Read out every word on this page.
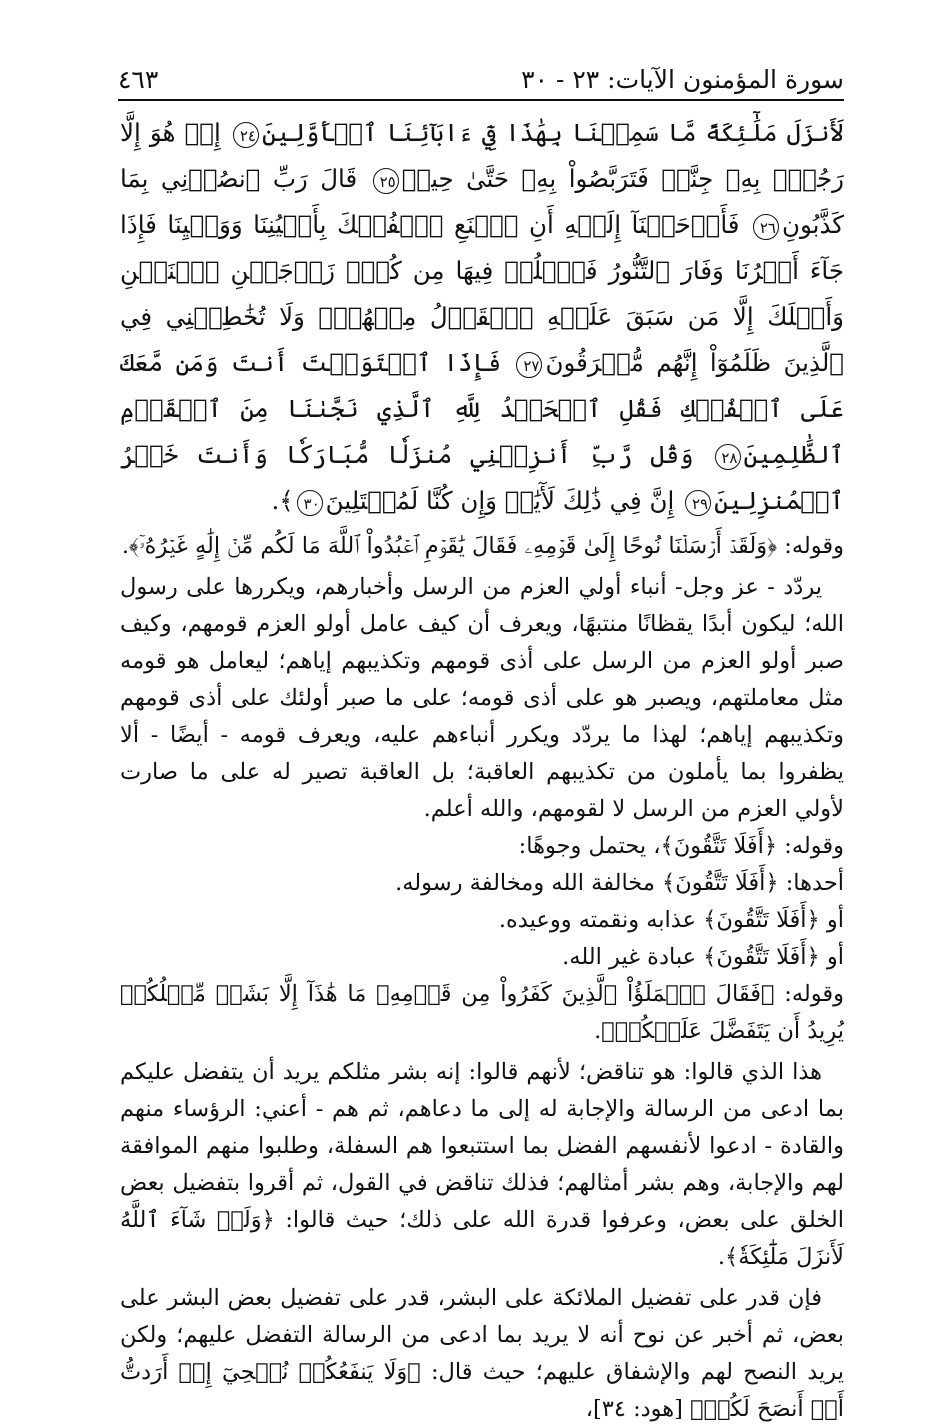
سورة المؤمنون الآيات: ٢٣ - ٣٠
٤٦٣

لَأَنزَلَ مَلَٰٓئِكَةً مَّا سَمِعۡنَا بِهَٰذَا فِيٓ ءَابَآئِنَا ٱلۡأَوَّلِينَ٢٤ إِنۡ هُوَ إِلَّا رَجُلُۢ بِهِۦ جِنَّةٞ فَتَرَبَّصُواْ بِهِۦ حَتَّىٰ حِينٖ٢٥ قَالَ رَبِّ ٱنصُرۡنِي بِمَا كَذَّبُونِ٢٦ فَأَوۡحَيۡنَآ إِلَيۡهِ أَنِ ٱصۡنَعِ ٱلۡفُلۡكَ بِأَعۡيُنِنَا وَوَحۡيِنَا فَإِذَا جَآءَ أَمۡرُنَا وَفَارَ ٱلتَّنُّورُ فَٱسۡلُكۡ فِيهَا مِن كُلّٖ زَوۡجَيۡنِ ٱثۡنَيۡنِ وَأَهۡلَكَ إِلَّا مَن سَبَقَ عَلَيۡهِ ٱلۡقَوۡلُ مِنۡهُمۡۖ وَلَا تُخَٰطِبۡنِي فِي ٱلَّذِينَ ظَلَمُوٓاْ إِنَّهُم مُّغۡرَقُونَ٢٧ فَإِذَا ٱسۡتَوَيۡتَ أَنتَ وَمَن مَّعَكَ عَلَى ٱلۡفُلۡكِ فَقُلِ ٱلۡحَمۡدُ لِلَّهِ ٱلَّذِي نَجَّىٰنَا مِنَ ٱلۡقَوۡمِ ٱلظَّٰلِمِينَ٢٨ وَقُل رَّبِّ أَنزِلۡنِي مُنزَلٗا مُّبَارَكٗا وَأَنتَ خَيۡرُ ٱلۡمُنزِلِينَ٢٩ إِنَّ فِي ذَٰلِكَ لَأٓيَٰتٖ وَإِن كُنَّا لَمُبۡتَلِينَ٣٠﴾.

وقوله: ﴿وَلَقَدۡ أَرۡسَلۡنَا نُوحًا إِلَىٰ قَوۡمِهِۦ فَقَالَ يَٰقَوۡمِ ٱعۡبُدُواْ ٱللَّهَ مَا لَكُم مِّنۡ إِلَٰهٍ غَيۡرُهُۥٓ﴾.

يردّد - عز وجل- أنباء أولي العزم من الرسل وأخبارهم، ويكررها على رسول الله؛ ليكون أبدًا يقظانًا منتبهًا، ويعرف أن كيف عامل أولو العزم قومهم، وكيف صبر أولو العزم من الرسل على أذى قومهم وتكذيبهم إياهم؛ ليعامل هو قومه مثل معاملتهم، ويصبر هو على أذى قومه؛ على ما صبر أولئك على أذى قومهم وتكذيبهم إياهم؛ لهذا ما يردّد ويكرر أنباءهم عليه، ويعرف قومه - أيضًا - ألا يظفروا بما يأملون من تكذيبهم العاقبة؛ بل العاقبة تصير له على ما صارت لأولي العزم من الرسل لا لقومهم، والله أعلم.

وقوله: ﴿أَفَلَا تَتَّقُونَ﴾، يحتمل وجوهًا:

أحدها: ﴿أَفَلَا تَتَّقُونَ﴾ مخالفة الله ومخالفة رسوله.

أو ﴿أَفَلَا تَتَّقُونَ﴾ عذابه ونقمته ووعيده.

أو ﴿أَفَلَا تَتَّقُونَ﴾ عبادة غير الله.

وقوله: ﴿فَقَالَ ٱلۡمَلَؤُاْ ٱلَّذِينَ كَفَرُواْ مِن قَوۡمِهِۦ مَا هَٰذَآ إِلَّا بَشَرٞ مِّثۡلُكُمۡ يُرِيدُ أَن يَتَفَضَّلَ عَلَيۡكُمۡ﴾.

هذا الذي قالوا: هو تناقض؛ لأنهم قالوا: إنه بشر مثلكم يريد أن يتفضل عليكم بما ادعى من الرسالة والإجابة له إلى ما دعاهم، ثم هم - أعني: الرؤساء منهم والقادة - ادعوا لأنفسهم الفضل بما استتبعوا هم السفلة، وطلبوا منهم الموافقة لهم والإجابة، وهم بشر أمثالهم؛ فذلك تناقض في القول، ثم أقروا بتفضيل بعض الخلق على بعض، وعرفوا قدرة الله على ذلك؛ حيث قالوا: ﴿وَلَوۡ شَآءَ ٱللَّهُ لَأَنزَلَ مَلَٰٓئِكَةٗ﴾.

فإن قدر على تفضيل الملائكة على البشر، قدر على تفضيل بعض البشر على بعض، ثم أخبر عن نوح أنه لا يريد بما ادعى من الرسالة التفضل عليهم؛ ولكن يريد النصح لهم والإشفاق عليهم؛ حيث قال: ﴿وَلَا يَنفَعُكُمۡ نُصۡحِيٓ إِنۡ أَرَدتُّ أَنۡ أَنصَحَ لَكُمۡ﴾ [هود: ٣٤]،
